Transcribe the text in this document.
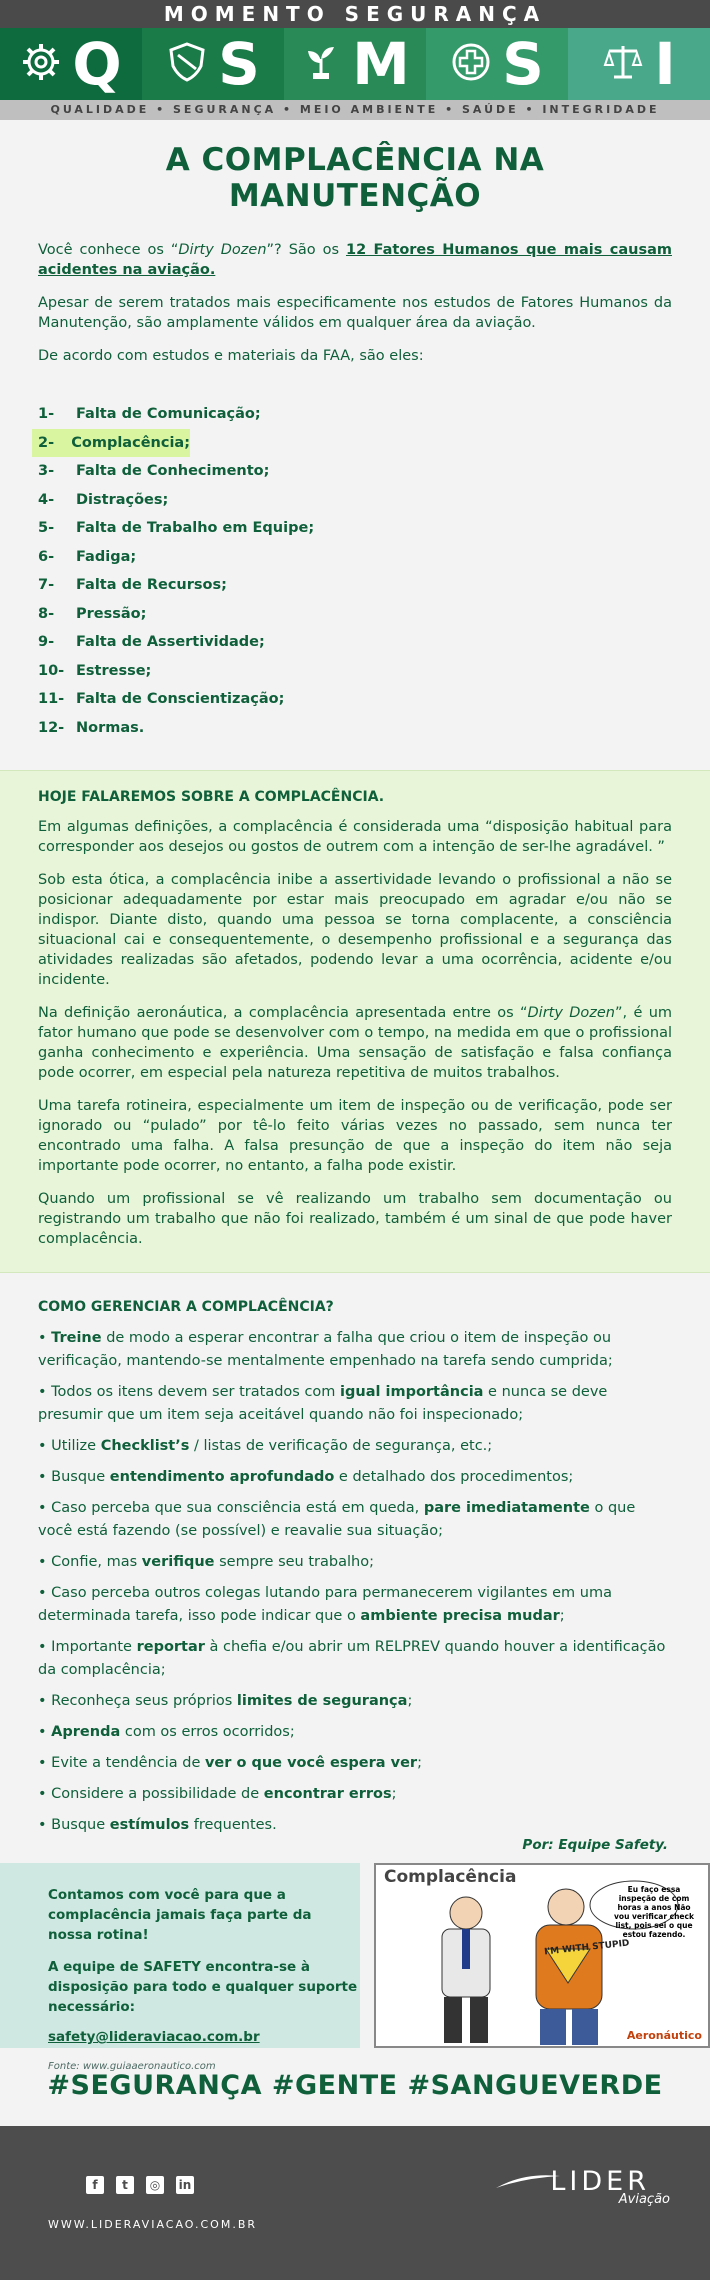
MOMENTO SEGURANÇA
Q S M S I
QUALIDADE • SEGURANÇA • MEIO AMBIENTE • SAÚDE • INTEGRIDADE
A COMPLACÊNCIA NA MANUTENÇÃO

Você conhece os “Dirty Dozen”? São os 12 Fatores Humanos que mais causam acidentes na aviação.

Apesar de serem tratados mais especificamente nos estudos de Fatores Humanos da Manutenção, são amplamente válidos em qualquer área da aviação.

De acordo com estudos e materiais da FAA, são eles:

1-	Falta de Comunicação;
2-	Complacência;
3-	Falta de Conhecimento;
4-	Distrações;
5-	Falta de Trabalho em Equipe;
6-	Fadiga;
7-	Falta de Recursos;
8-	Pressão;
9-	Falta de Assertividade;
10- Estresse;
11- Falta de Conscientização;
12- Normas.
HOJE FALAREMOS SOBRE A COMPLACÊNCIA.

Em algumas definições, a complacência é considerada uma “disposição habitual para corresponder aos desejos ou gostos de outrem com a intenção de ser-lhe agradável. ”

Sob esta ótica, a complacência inibe a assertividade levando o profissional a não se posicionar adequadamente por estar mais preocupado em agradar e/ou não se indispor. Diante disto, quando uma pessoa se torna complacente, a consciência situacional cai e consequentemente, o desempenho profissional e a segurança das atividades realizadas são afetados, podendo levar a uma ocorrência, acidente e/ou incidente.

Na definição aeronáutica, a complacência apresentada entre os “Dirty Dozen”, é um fator humano que pode se desenvolver com o tempo, na medida em que o profissional ganha conhecimento e experiência. Uma sensação de satisfação e falsa confiança pode ocorrer, em especial pela natureza repetitiva de muitos trabalhos.

Uma tarefa rotineira, especialmente um item de inspeção ou de verificação, pode ser ignorado ou “pulado” por tê-lo feito várias vezes no passado, sem nunca ter encontrado uma falha. A falsa presunção de que a inspeção do item não seja importante pode ocorrer, no entanto, a falha pode existir.

Quando um profissional se vê realizando um trabalho sem documentação ou registrando um trabalho que não foi realizado, também é um sinal de que pode haver complacência.

COMO GERENCIAR A COMPLACÊNCIA?
• Treine de modo a esperar encontrar a falha que criou o item de inspeção ou verificação, mantendo-se mentalmente empenhado na tarefa sendo cumprida;
• Todos os itens devem ser tratados com igual importância e nunca se deve presumir que um item seja aceitável quando não foi inspecionado;
• Utilize Checklist’s / listas de verificação de segurança, etc.;
• Busque entendimento aprofundado e detalhado dos procedimentos;
• Caso perceba que sua consciência está em queda, pare imediatamente o que você está fazendo (se possível) e reavalie sua situação;
• Confie, mas verifique sempre seu trabalho;
• Caso perceba outros colegas lutando para permanecerem vigilantes em uma determinada tarefa, isso pode indicar que o ambiente precisa mudar;
• Importante reportar à chefia e/ou abrir um RELPREV quando houver a identificação da complacência;
• Reconheça seus próprios limites de segurança;
• Aprenda com os erros ocorridos;
• Evite a tendência de ver o que você espera ver;
• Considere a possibilidade de encontrar erros;
• Busque estímulos frequentes.
Por: Equipe Safety.

Contamos com você para que a complacência jamais faça parte da nossa rotina!

A equipe de SAFETY encontra-se à disposição para todo e qualquer suporte necessário:

safety@lideraviacao.com.br
Fonte: www.guiaaeronautico.com
Complacência
Eu faço essa inspeção de com horas a anos Não vou verificar check list, pois sei o que estou fazendo.
I'M WITH STUPID
Aeronáutico
#SEGURANÇA #GENTE #SANGUEVERDE
f	t	◎	in
WWW.LIDERAVIACAO.COM.BR
LIDER
Aviação
